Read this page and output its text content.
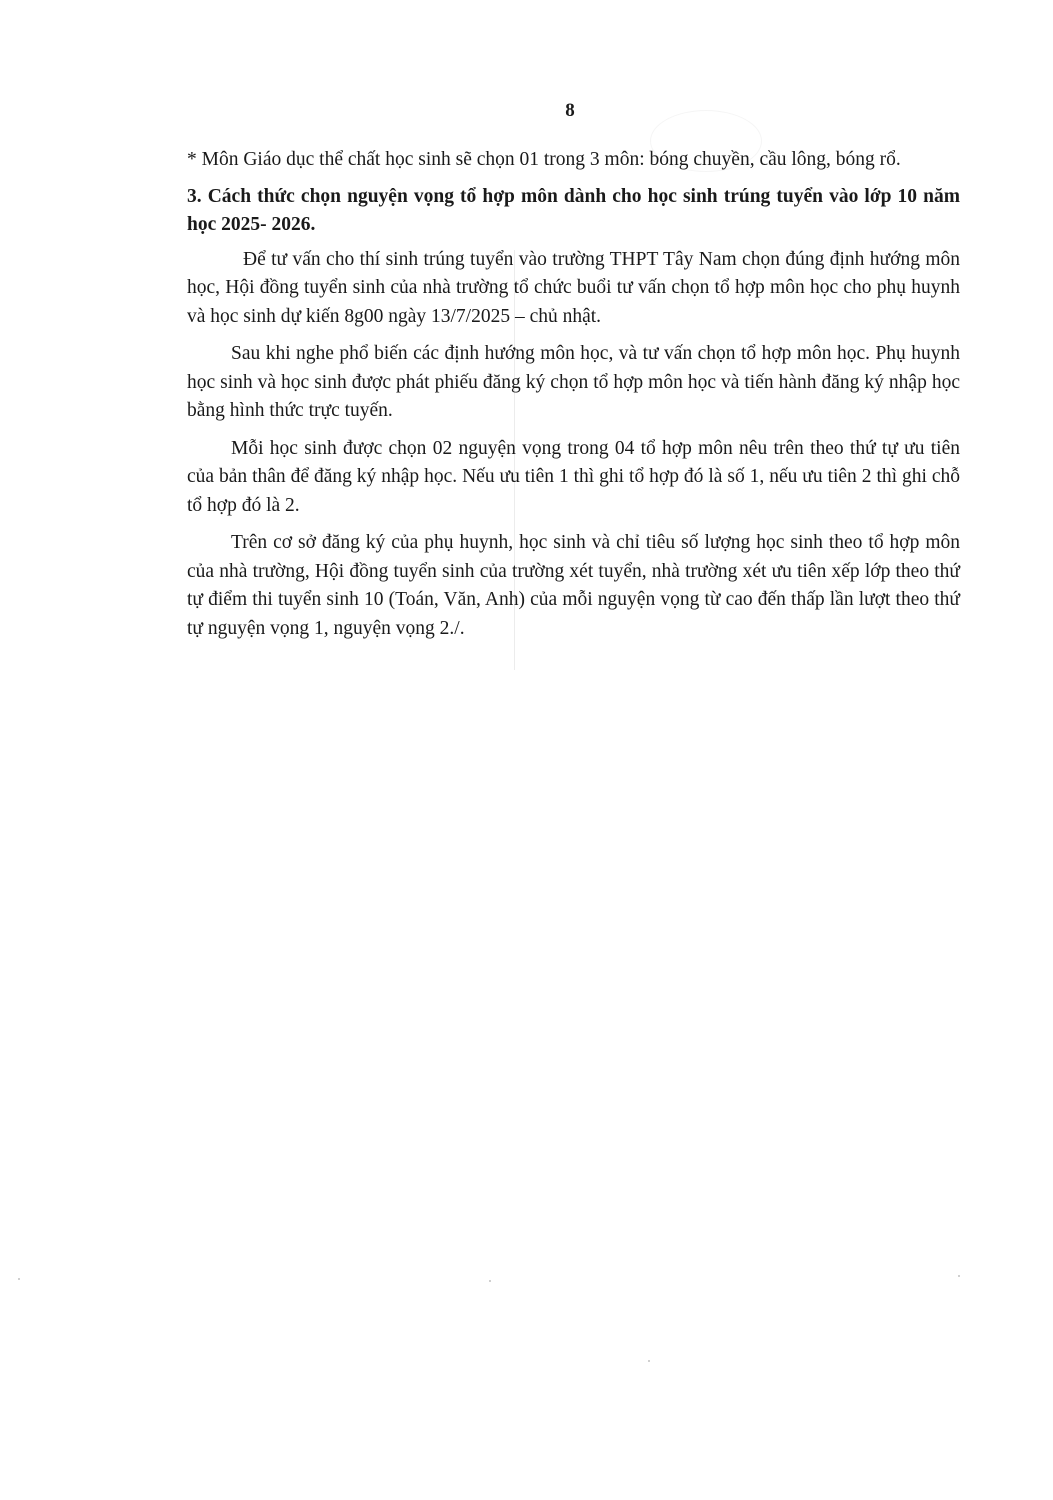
8

* Môn Giáo dục thể chất học sinh sẽ chọn 01 trong 3 môn: bóng chuyền, cầu lông, bóng rổ.

3. Cách thức chọn nguyện vọng tổ hợp môn dành cho học sinh trúng tuyển vào lớp 10 năm học 2025- 2026.

Để tư vấn cho thí sinh trúng tuyển vào trường THPT Tây Nam chọn đúng định hướng môn học, Hội đồng tuyển sinh của nhà trường tổ chức buổi tư vấn chọn tổ hợp môn học cho phụ huynh và học sinh dự kiến 8g00 ngày 13/7/2025 – chủ nhật.

Sau khi nghe phổ biến các định hướng môn học, và tư vấn chọn tổ hợp môn học. Phụ huynh học sinh và học sinh được phát phiếu đăng ký chọn tổ hợp môn học và tiến hành đăng ký nhập học bằng hình thức trực tuyến.

Mỗi học sinh được chọn 02 nguyện vọng trong 04 tổ hợp môn nêu trên theo thứ tự ưu tiên của bản thân để đăng ký nhập học. Nếu ưu tiên 1 thì ghi tổ hợp đó là số 1, nếu ưu tiên 2 thì ghi chỗ tổ hợp đó là 2.

Trên cơ sở đăng ký của phụ huynh, học sinh và chỉ tiêu số lượng học sinh theo tổ hợp môn của nhà trường, Hội đồng tuyển sinh của trường xét tuyển, nhà trường xét ưu tiên xếp lớp theo thứ tự điểm thi tuyển sinh 10 (Toán, Văn, Anh) của mỗi nguyện vọng từ cao đến thấp lần lượt theo thứ tự nguyện vọng 1, nguyện vọng 2./.
